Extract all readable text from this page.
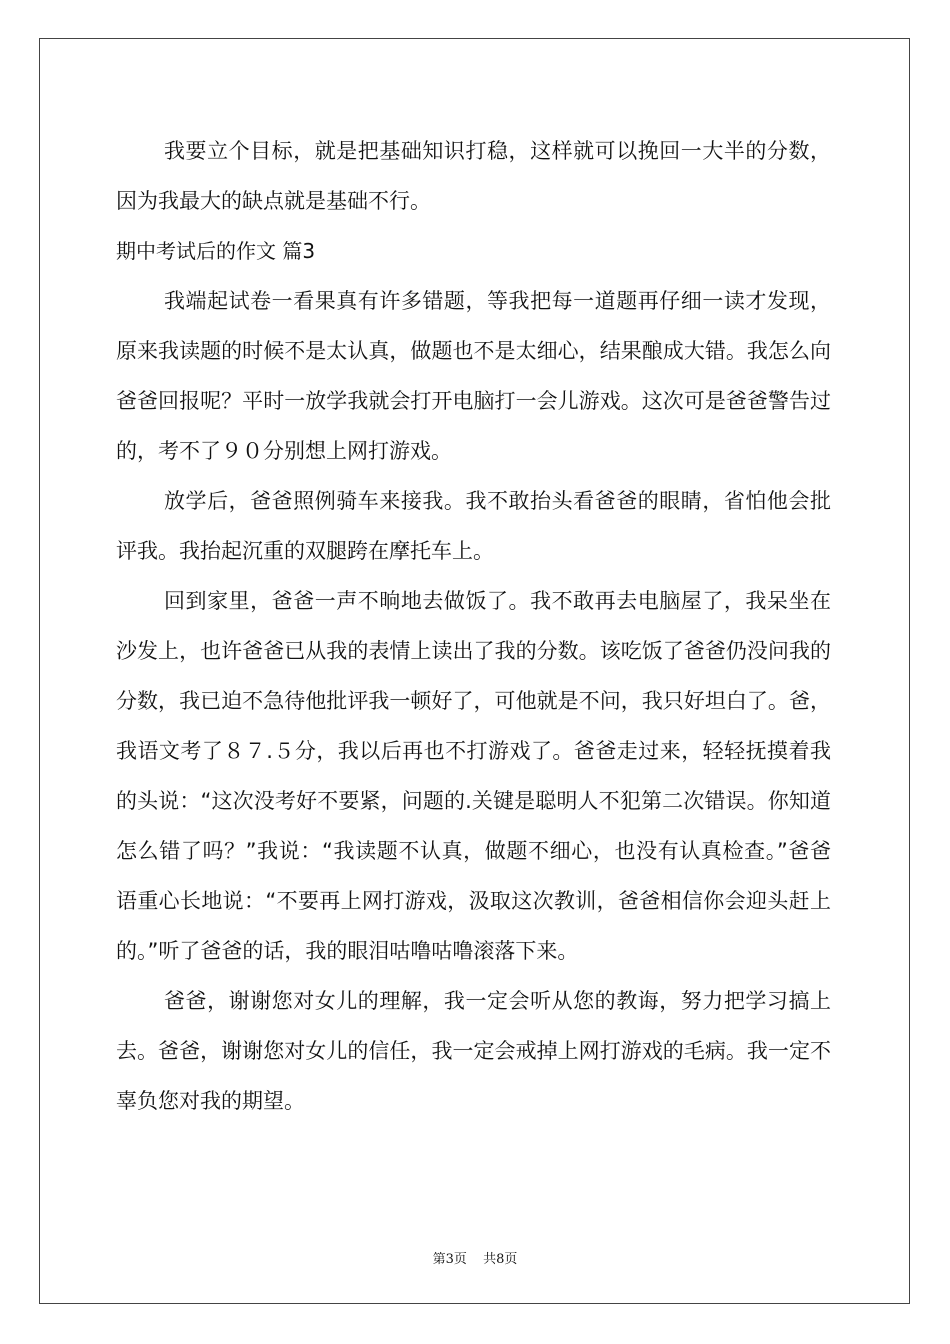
我要立个目标，就是把基础知识打稳，这样就可以挽回一大半的分数，因为我最大的缺点就是基础不行。

期中考试后的作文 篇3

我端起试卷一看果真有许多错题，等我把每一道题再仔细一读才发现，原来我读题的时候不是太认真，做题也不是太细心，结果酿成大错。我怎么向爸爸回报呢？平时一放学我就会打开电脑打一会儿游戏。这次可是爸爸警告过的，考不了９０分别想上网打游戏。

放学后，爸爸照例骑车来接我。我不敢抬头看爸爸的眼睛，省怕他会批评我。我抬起沉重的双腿跨在摩托车上。

回到家里，爸爸一声不晌地去做饭了。我不敢再去电脑屋了，我呆坐在沙发上，也许爸爸已从我的表情上读出了我的分数。该吃饭了爸爸仍没问我的分数，我已迫不急待他批评我一顿好了，可他就是不问，我只好坦白了。爸，我语文考了８７.５分，我以后再也不打游戏了。爸爸走过来，轻轻抚摸着我的头说：“这次没考好不要紧，问题的.关键是聪明人不犯第二次错误。你知道怎么错了吗？”我说：“我读题不认真，做题不细心，也没有认真检查。”爸爸语重心长地说：“不要再上网打游戏，汲取这次教训，爸爸相信你会迎头赶上的。”听了爸爸的话，我的眼泪咕噜咕噜滚落下来。

爸爸，谢谢您对女儿的理解，我一定会听从您的教诲，努力把学习搞上去。爸爸，谢谢您对女儿的信任，我一定会戒掉上网打游戏的毛病。我一定不辜负您对我的期望。

第3页 共8页
